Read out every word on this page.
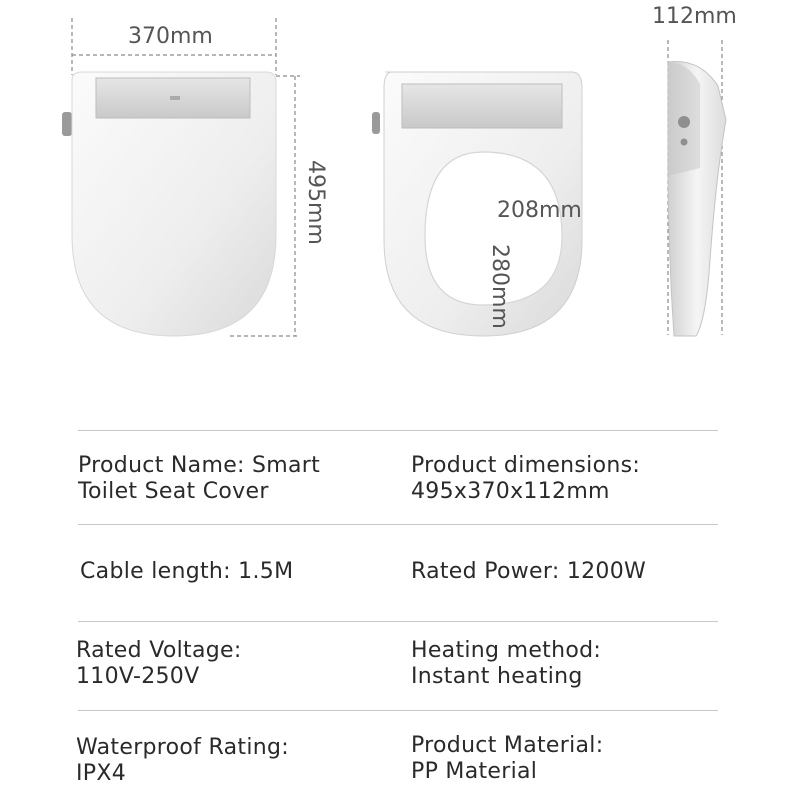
370mm
495mm	208mm
280mm
112mm
Product Name: Smart
Toilet Seat Cover
Product dimensions:
495x370x112mm
Cable length: 1.5M	Rated Power: 1200W
Rated Voltage:
110V-250V
Heating method:
Instant heating
Waterproof Rating:
IPX4
Product Material:
PP Material
